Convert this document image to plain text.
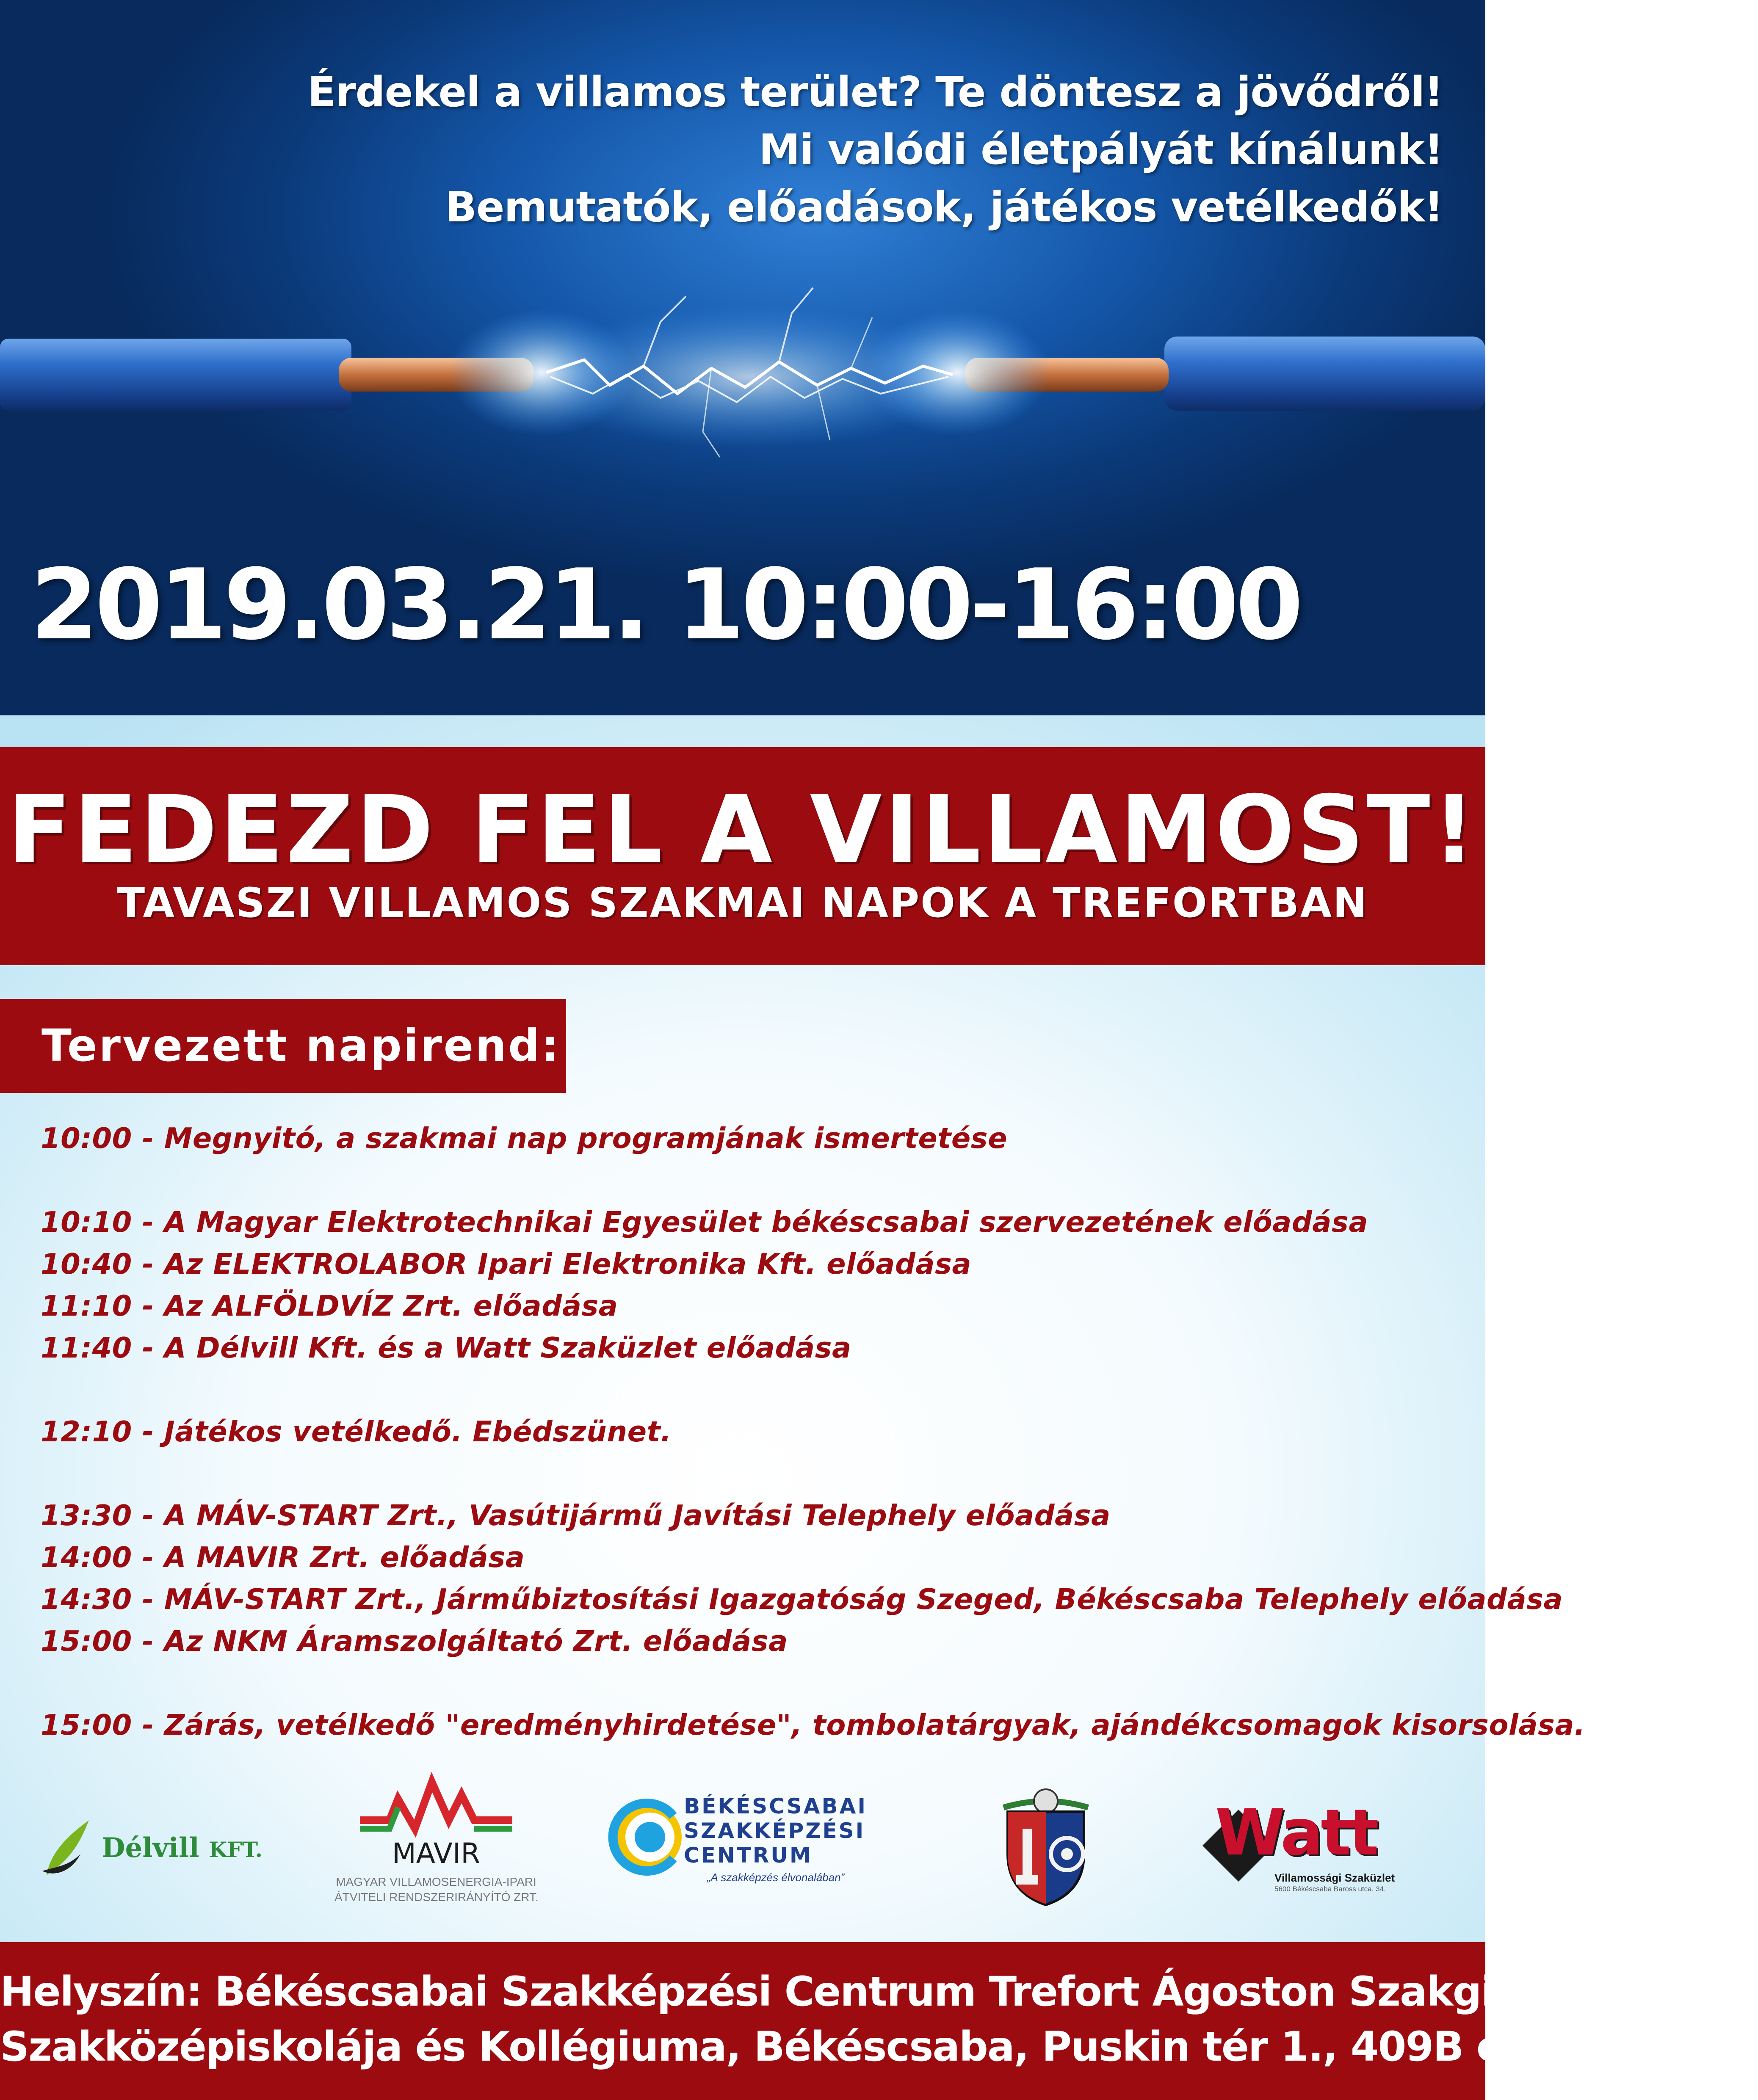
Érdekel a villamos terület? Te döntesz a jövődről!
Mi valódi életpályát kínálunk!
Bemutatók, előadások, játékos vetélkedők!
2019.03.21. 10:00-16:00
FEDEZD FEL A VILLAMOST!
TAVASZI VILLAMOS SZAKMAI NAPOK A TREFORTBAN
Tervezett napirend:
10:00 - Megnyitó, a szakmai nap programjának ismertetése
10:10 - A Magyar Elektrotechnikai Egyesület békéscsabai szervezetének előadása
10:40 - Az ELEKTROLABOR Ipari Elektronika Kft. előadása
11:10 - Az ALFÖLDVÍZ Zrt. előadása
11:40 - A Délvill Kft. és a Watt Szaküzlet előadása
12:10 - Játékos vetélkedő. Ebédszünet.
13:30 - A MÁV-START Zrt., Vasútijármű Javítási Telephely előadása
14:00 - A MAVIR Zrt. előadása
14:30 - MÁV-START Zrt., Járműbiztosítási Igazgatóság Szeged, Békéscsaba Telephely előadása
15:00 - Az NKM Áramszolgáltató Zrt. előadása
15:00 - Zárás, vetélkedő "eredményhirdetése", tombolatárgyak, ajándékcsomagok kisorsolása.
Délvill KFT.	MAVIR
MAGYAR VILLAMOSENERGIA-IPARI
ÁTVITELI RENDSZERIRÁNYÍTÓ ZRT.
BÉKÉSCSABAI
SZAKKÉPZÉSI
CENTRUM
„A szakképzés élvonalában”
Watt
Villamossági Szaküzlet
5600 Békéscsaba Baross utca. 34.
Helyszín: Békéscsabai Szakképzési Centrum Trefort Ágoston Szakgimnáziuma,
Szakközépiskolája és Kollégiuma, Békéscsaba, Puskin tér 1., 409B előadóterem
